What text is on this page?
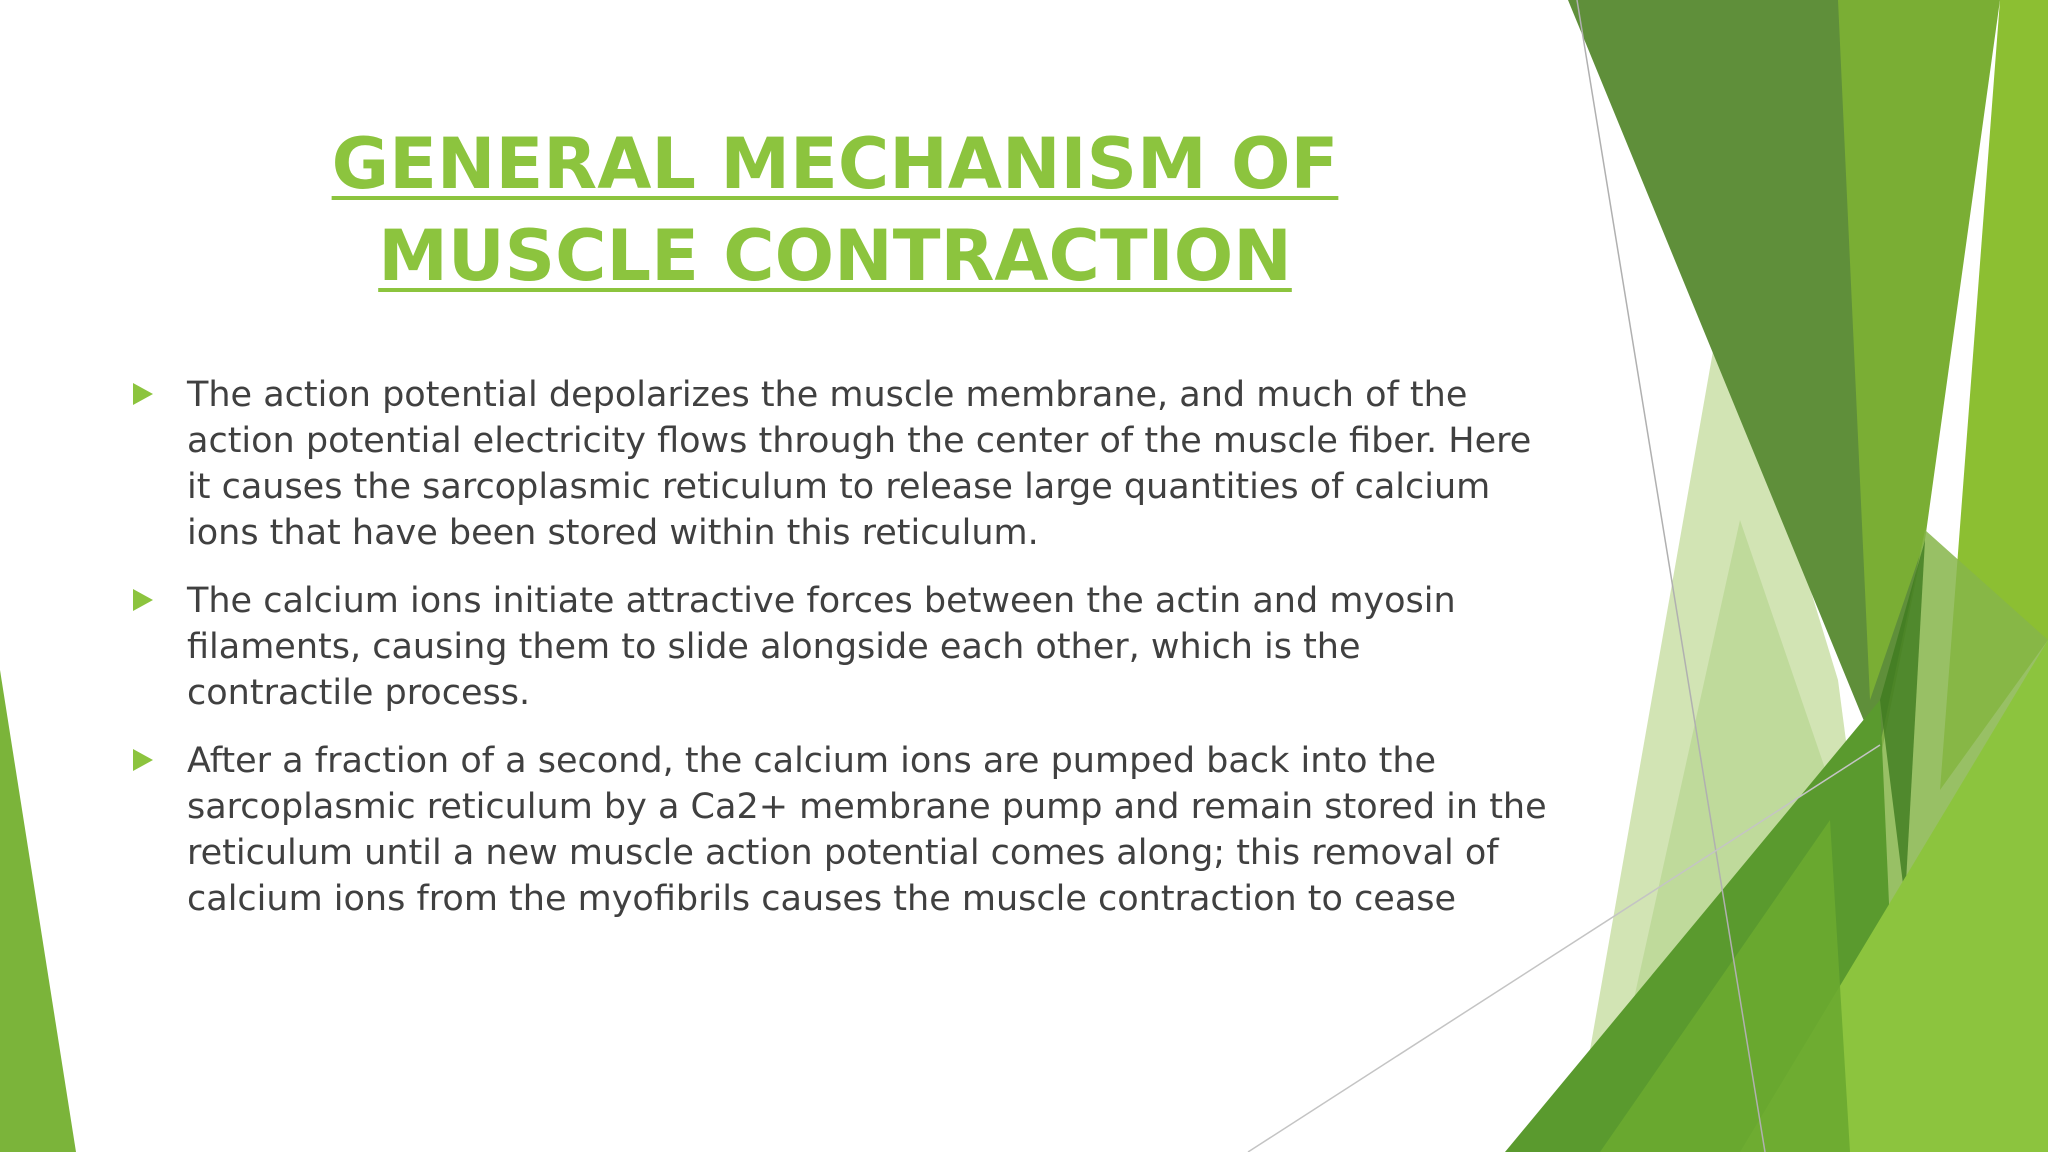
GENERAL MECHANISM OF MUSCLE CONTRACTION
The action potential depolarizes the muscle membrane, and much of the action potential electricity flows through the center of the muscle fiber. Here it causes the sarcoplasmic reticulum to release large quantities of calcium ions that have been stored within this reticulum.
The calcium ions initiate attractive forces between the actin and myosin filaments, causing them to slide alongside each other, which is the contractile process.
After a fraction of a second, the calcium ions are pumped back into the sarcoplasmic reticulum by a Ca2+ membrane pump and remain stored in the reticulum until a new muscle action potential comes along; this removal of calcium ions from the myofibrils causes the muscle contraction to cease
